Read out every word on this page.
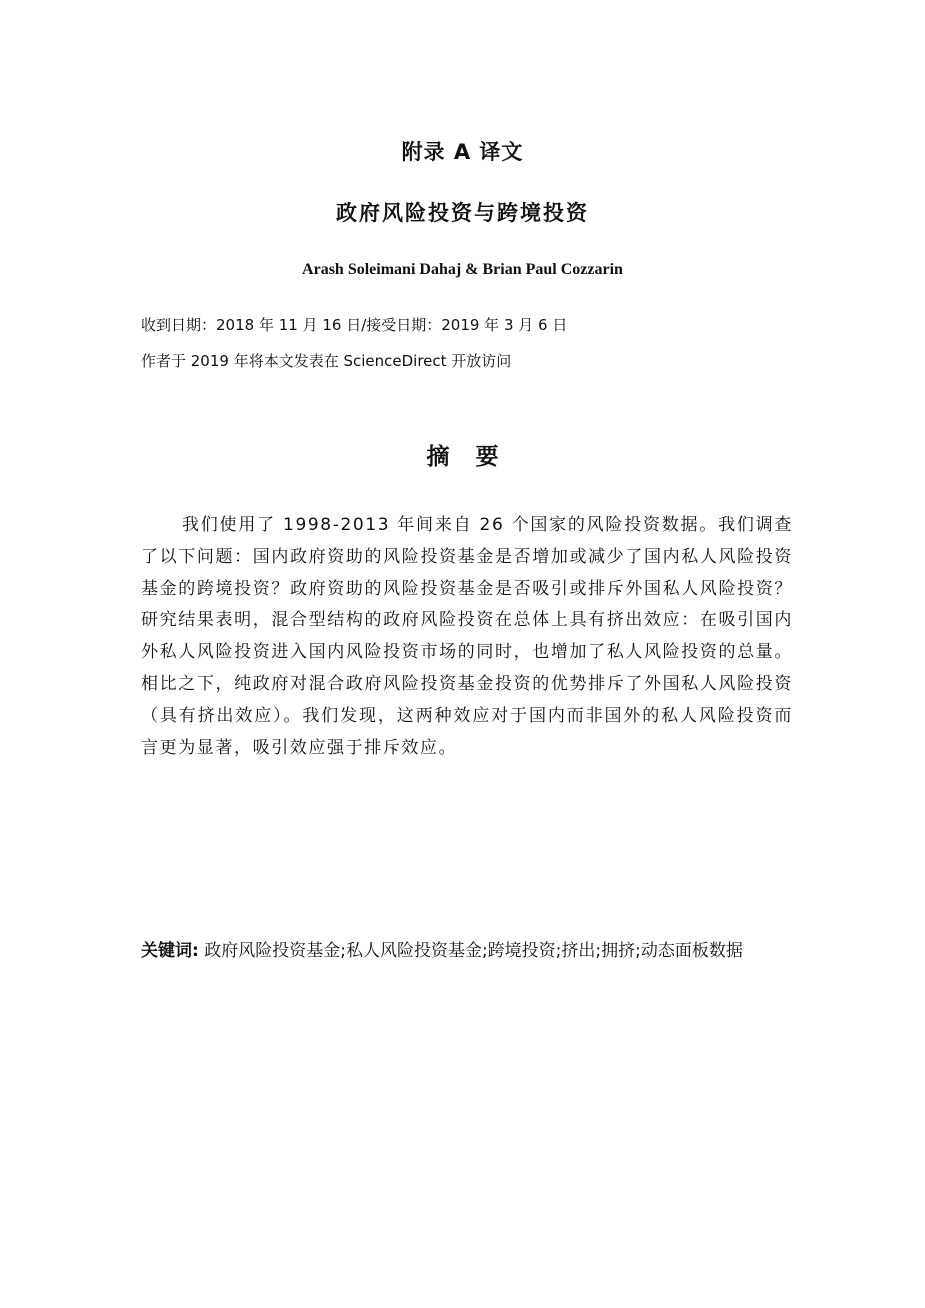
附录 A 译文
政府风险投资与跨境投资
Arash Soleimani Dahaj & Brian Paul Cozzarin
收到日期：2018 年 11 月 16 日/接受日期：2019 年 3 月 6 日
作者于 2019 年将本文发表在 ScienceDirect 开放访问
摘要

我们使用了 1998-2013 年间来自 26 个国家的风险投资数据。我们调查了以下问题：国内政府资助的风险投资基金是否增加或减少了国内私人风险投资基金的跨境投资？政府资助的风险投资基金是否吸引或排斥外国私人风险投资？研究结果表明，混合型结构的政府风险投资在总体上具有挤出效应：在吸引国内外私人风险投资进入国内风险投资市场的同时，也增加了私人风险投资的总量。相比之下，纯政府对混合政府风险投资基金投资的优势排斥了外国私人风险投资（具有挤出效应）。我们发现，这两种效应对于国内而非国外的私人风险投资而言更为显著，吸引效应强于排斥效应。

关键词: 政府风险投资基金;私人风险投资基金;跨境投资;挤出;拥挤;动态面板数据
